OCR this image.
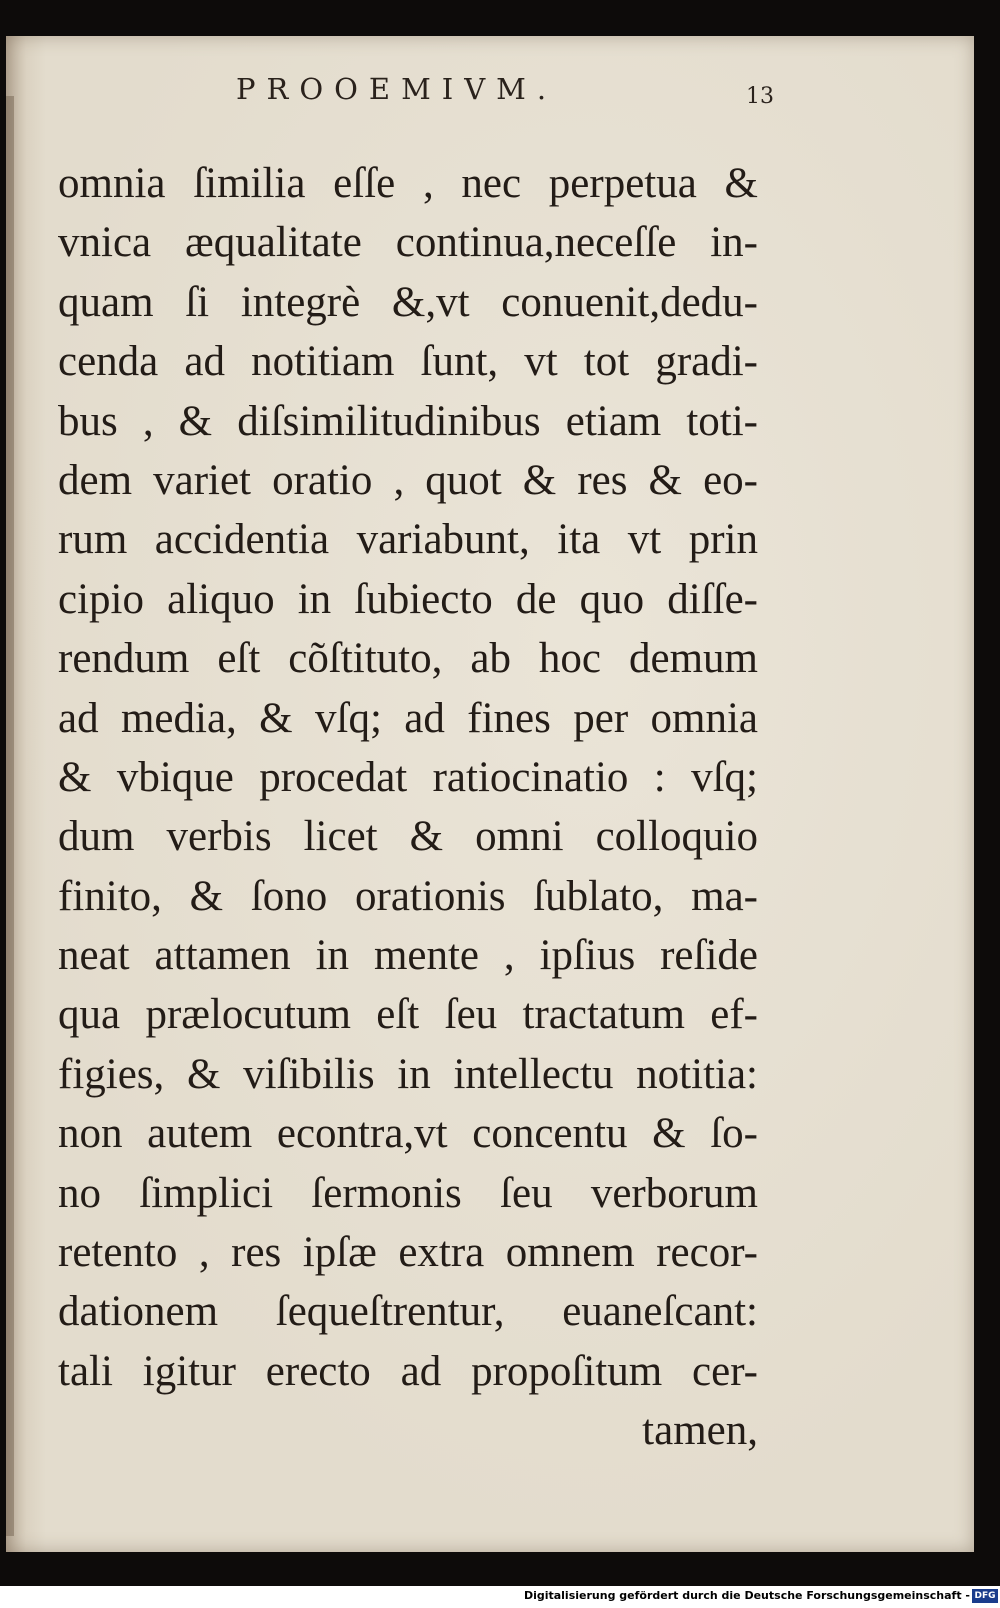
PROOEMIVM.	13
omnia ſimilia eſſe , nec perpetua &
vnica æqualitate continua,neceſſe in-
quam ſi integrè &,vt conuenit,dedu-
cenda ad notitiam ſunt, vt tot gradi-
bus , & diſsimilitudinibus etiam toti-
dem variet oratio , quot & res & eo-
rum accidentia variabunt, ita vt prin
cipio aliquo in ſubiecto de quo diſſe-
rendum eſt cõſtituto, ab hoc demum
ad media, & vſq; ad fines per omnia
& vbique procedat ratiocinatio : vſq;
dum verbis licet & omni colloquio
finito, & ſono orationis ſublato, ma-
neat attamen in mente , ipſius reſide
qua prælocutum eſt ſeu tractatum ef-
figies, & viſibilis in intellectu notitia:
non autem econtra,vt concentu & ſo-
no ſimplici ſermonis ſeu verborum
retento , res ipſæ extra omnem recor-
dationem ſequeſtrentur, euaneſcant:
tali igitur erecto ad propoſitum cer-
tamen,
Digitalisierung gefördert durch die Deutsche Forschungsgemeinschaft - DFG
